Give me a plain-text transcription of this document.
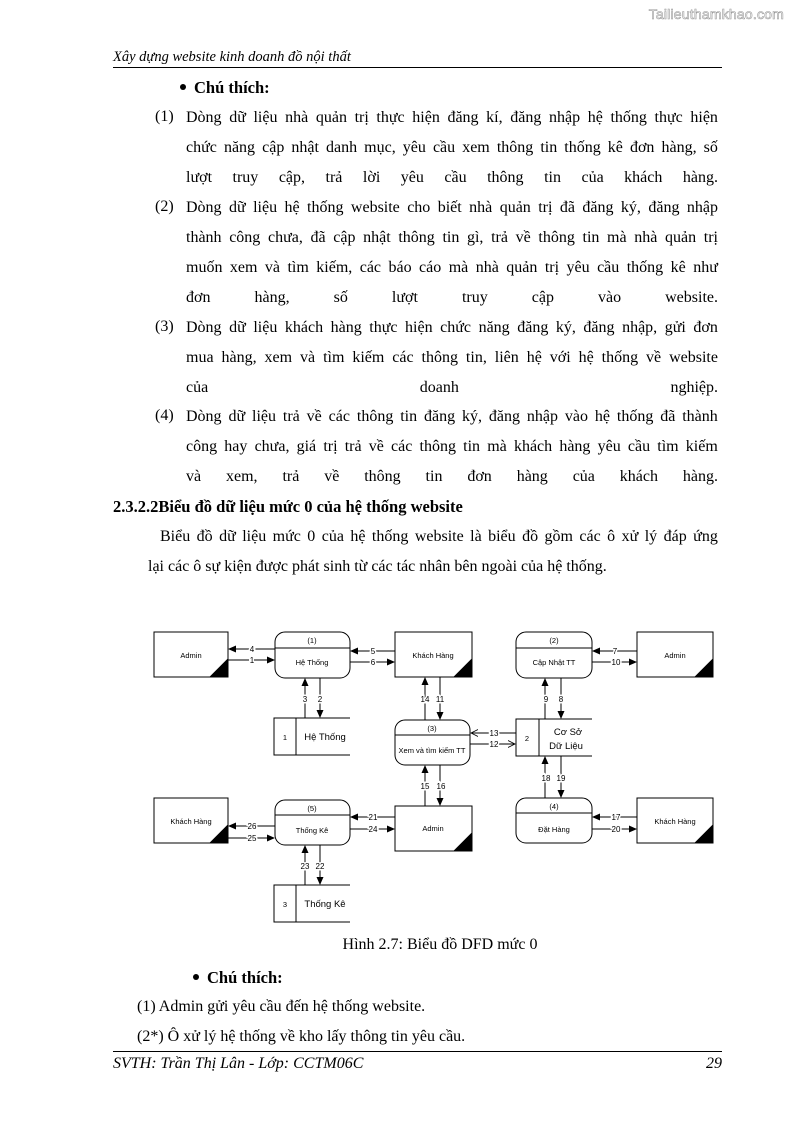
Tailieuthamkhao.com
Xây dựng website kinh doanh đồ nội thất
Chú thích:
(1) Dòng dữ liệu nhà quản trị thực hiện đăng kí, đăng nhập hệ thống thực hiện
chức năng cập nhật danh mục, yêu cầu xem thông tin thống kê đơn hàng, số
lượt truy cập, trả lời yêu cầu thông tin của khách hàng.
(2) Dòng dữ liệu hệ thống website cho biết nhà quản trị đã đăng ký, đăng nhập
thành công chưa, đã cập nhật thông tin gì, trả về thông tin mà nhà quản trị
muốn xem và tìm kiếm, các báo cáo mà nhà quản trị yêu cầu thống kê như
đơn hàng, số lượt truy cập vào website.
(3) Dòng dữ liệu khách hàng thực hiện chức năng đăng ký, đăng nhập, gửi đơn
mua hàng, xem và tìm kiếm các thông tin, liên hệ với hệ thống về website
của doanh nghiệp.
(4) Dòng dữ liệu trả về các thông tin đăng ký, đăng nhập vào hệ thống đã thành
công hay chưa, giá trị trả về các thông tin mà khách hàng yêu cầu tìm kiếm
và xem, trả về thông tin đơn hàng của khách hàng.
2.3.2.2Biểu đồ dữ liệu mức 0 của hệ thống website
Biểu đồ dữ liệu mức 0 của hệ thống website là biểu đồ gồm các ô xử lý đáp ứng
lại các ô sự kiện được phát sinh từ các tác nhân bên ngoài của hệ thống.
Admin	Khách Hàng	Admin
Khách Hàng
Admin
Khách Hàng
(1)
Hệ Thống
(2)
Cập Nhật TT
(3)
Xem và tìm kiếm TT
(4)
Đặt Hàng
(5)
Thống Kê
1 Hệ Thống	2
Cơ Sở
Dữ Liệu
3 Thống Kê
4
1
5
6
7
10
3 2	14 11	9 8
13
12
15 16
18 19
21
24
26
25
17
20
23 22
Hình 2.7: Biểu đồ DFD mức 0
Chú thích:
(1) Admin gửi yêu cầu đến hệ thống website.
(2*) Ô xử lý hệ thống về kho lấy thông tin yêu cầu.
SVTH: Trần Thị Lân - Lớp: CCTM06C	29
